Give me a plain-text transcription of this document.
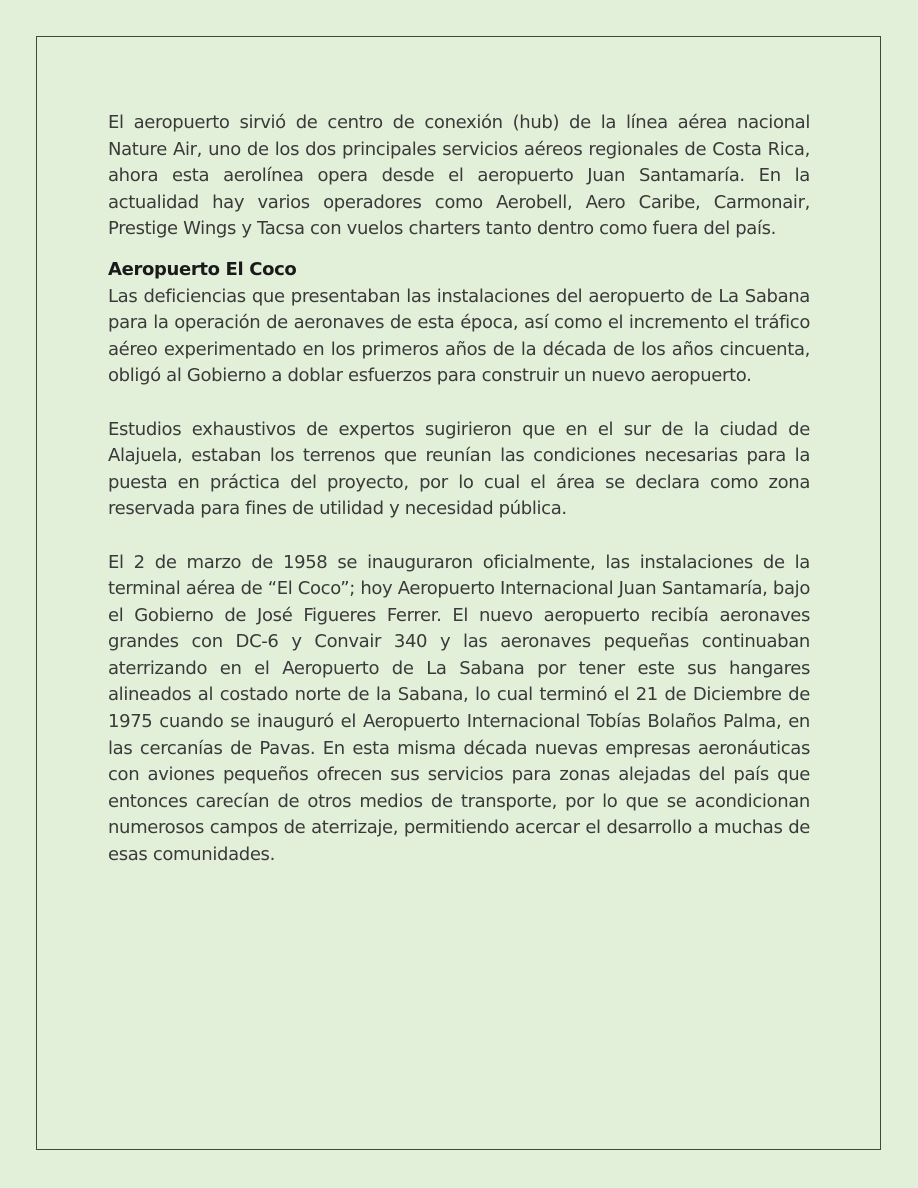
El aeropuerto sirvió de centro de conexión (hub) de la línea aérea nacional Nature Air, uno de los dos principales servicios aéreos regionales de Costa Rica, ahora esta aerolínea opera desde el aeropuerto Juan Santamaría. En la actualidad hay varios operadores como Aerobell, Aero Caribe, Carmonair, Prestige Wings y Tacsa con vuelos charters tanto dentro como fuera del país.

Aeropuerto El Coco

Las deficiencias que presentaban las instalaciones del aeropuerto de La Sabana para la operación de aeronaves de esta época, así como el incremento el tráfico aéreo experimentado en los primeros años de la década de los años cincuenta, obligó al Gobierno a doblar esfuerzos para construir un nuevo aeropuerto.

Estudios exhaustivos de expertos sugirieron que en el sur de la ciudad de Alajuela, estaban los terrenos que reunían las condiciones necesarias para la puesta en práctica del proyecto, por lo cual el área se declara como zona reservada para fines de utilidad y necesidad pública.

El 2 de marzo de 1958 se inauguraron oficialmente, las instalaciones de la terminal aérea de “El Coco”; hoy Aeropuerto Internacional Juan Santamaría, bajo el Gobierno de José Figueres Ferrer. El nuevo aeropuerto recibía aeronaves grandes con DC-6 y Convair 340 y las aeronaves pequeñas continuaban aterrizando en el Aeropuerto de La Sabana por tener este sus hangares alineados al costado norte de la Sabana, lo cual terminó el 21 de Diciembre de 1975 cuando se inauguró el Aeropuerto Internacional Tobías Bolaños Palma, en las cercanías de Pavas. En esta misma década nuevas empresas aeronáuticas con aviones pequeños ofrecen sus servicios para zonas alejadas del país que entonces carecían de otros medios de transporte, por lo que se acondicionan numerosos campos de aterrizaje, permitiendo acercar el desarrollo a muchas de esas comunidades.
